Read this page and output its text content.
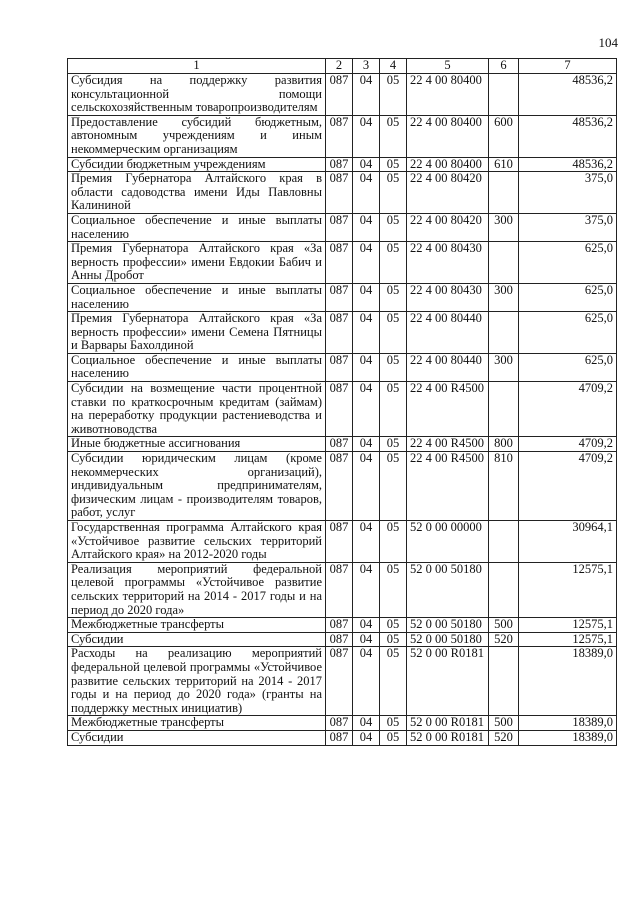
104
1	2	3	4	5	6	7
Субсидия на поддержку развития консультационной помощи сельскохозяйственным товаропроизводителям	087	04	05	22 4 00 80400		48536,2
Предоставление субсидий бюджетным, автономным учреждениям и иным некоммерческим организациям	087	04	05	22 4 00 80400	600	48536,2
Субсидии бюджетным учреждениям	087	04	05	22 4 00 80400	610	48536,2
Премия Губернатора Алтайского края в области садоводства имени Иды Павловны Калининой	087	04	05	22 4 00 80420		375,0
Социальное обеспечение и иные выплаты населению	087	04	05	22 4 00 80420	300	375,0
Премия Губернатора Алтайского края «За верность профессии» имени Евдокии Бабич и Анны Дробот	087	04	05	22 4 00 80430		625,0
Социальное обеспечение и иные выплаты населению	087	04	05	22 4 00 80430	300	625,0
Премия Губернатора Алтайского края «За верность профессии» имени Семена Пятницы и Варвары Бахолдиной	087	04	05	22 4 00 80440		625,0
Социальное обеспечение и иные выплаты населению	087	04	05	22 4 00 80440	300	625,0
Субсидии на возмещение части процентной ставки по краткосрочным кредитам (займам) на переработку продукции растениеводства и животноводства	087	04	05	22 4 00 R4500		4709,2
Иные бюджетные ассигнования	087	04	05	22 4 00 R4500	800	4709,2
Субсидии юридическим лицам (кроме некоммерческих организаций), индивидуальным предпринимателям, физическим лицам - производителям товаров, работ, услуг	087	04	05	22 4 00 R4500	810	4709,2
Государственная программа Алтайского края «Устойчивое развитие сельских территорий Алтайского края» на 2012-2020 годы	087	04	05	52 0 00 00000		30964,1
Реализация мероприятий федеральной целевой программы «Устойчивое развитие сельских территорий на 2014 - 2017 годы и на период до 2020 года»	087	04	05	52 0 00 50180		12575,1
Межбюджетные трансферты	087	04	05	52 0 00 50180	500	12575,1
Субсидии	087	04	05	52 0 00 50180	520	12575,1
Расходы на реализацию мероприятий федеральной целевой программы «Устойчивое развитие сельских территорий на 2014 - 2017 годы и на период до 2020 года» (гранты на поддержку местных инициатив)	087	04	05	52 0 00 R0181		18389,0
Межбюджетные трансферты	087	04	05	52 0 00 R0181	500	18389,0
Субсидии	087	04	05	52 0 00 R0181	520	18389,0
